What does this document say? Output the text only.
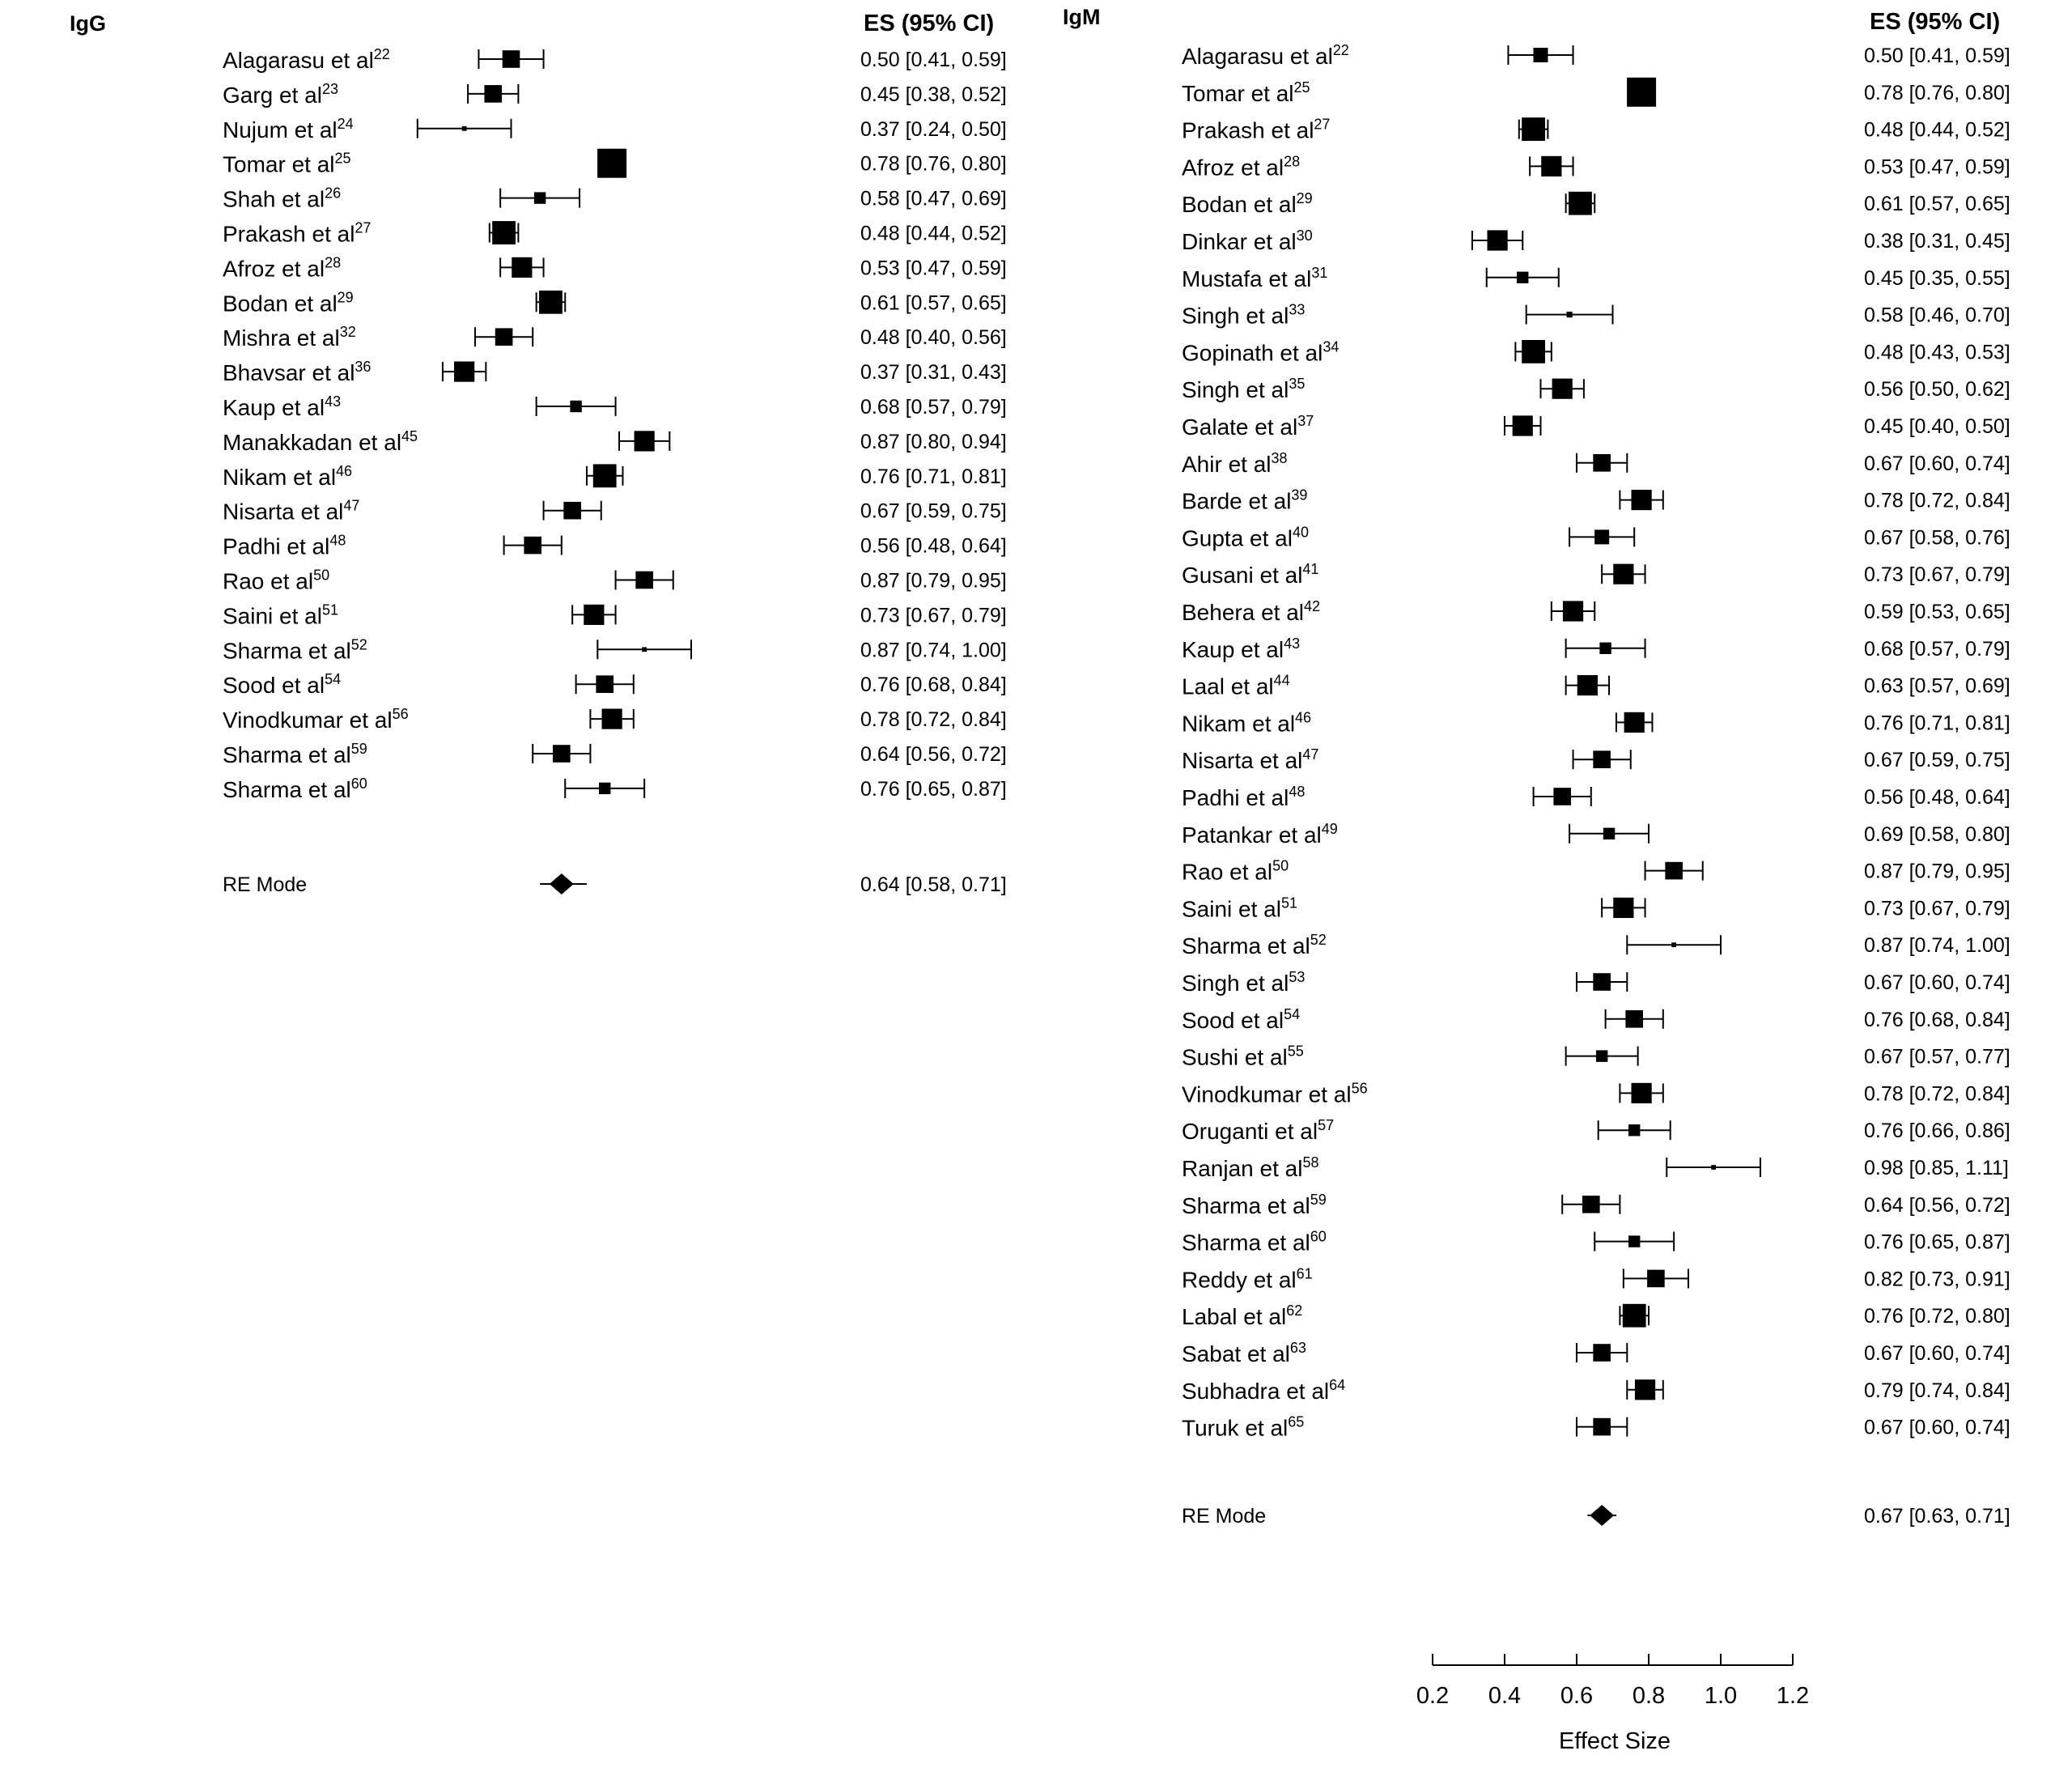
IgG	ES (95% CI)
Alagarasu et $al^{22}$	0.50 [0.41, 0.59]
Garg et $al^{23}$	0.45 [0.38, 0.52]
Nujum et $al^{24}$	0.37 [0.24, 0.50]
Tomar et $al^{25}$	0.78 [0.76, 0.80]
Shah et $al^{26}$	0.58 [0.47, 0.69]
Prakash et $al^{27}$	0.48 [0.44, 0.52]
Afroz et $al^{28}$	0.53 [0.47, 0.59]
Bodan et $al^{29}$	0.61 [0.57, 0.65]
Mishra et $al^{32}$	0.48 [0.40, 0.56]
Bhavsar et $al^{36}$	0.37 [0.31, 0.43]
Kaup et $al^{43}$	0.68 [0.57, 0.79]
Manakkadan et $al^{45}$	0.87 [0.80, 0.94]
Nikam et $al^{46}$	0.76 [0.71, 0.81]
Nisarta et $al^{47}$	0.67 [0.59, 0.75]
Padhi et $al^{48}$	0.56 [0.48, 0.64]
Rao et $al^{50}$	0.87 [0.79, 0.95]
Saini et $al^{51}$	0.73 [0.67, 0.79]
Sharma et $al^{52}$	0.87 [0.74, 1.00]
Sood et $al^{54}$	0.76 [0.68, 0.84]
Vinodkumar et $al^{56}$	0.78 [0.72, 0.84]
Sharma et $al^{59}$	0.64 [0.56, 0.72]
Sharma et $al^{60}$	0.76 [0.65, 0.87]
RE Mode	0.64 [0.58, 0.71]
IgM	ES (95% CI)
Alagarasu et $al^{22}$	0.50 [0.41, 0.59]
Tomar et $al^{25}$	0.78 [0.76, 0.80]
Prakash et $al^{27}$	0.48 [0.44, 0.52]
Afroz et $al^{28}$	0.53 [0.47, 0.59]
Bodan et $al^{29}$	0.61 [0.57, 0.65]
Dinkar et $al^{30}$	0.38 [0.31, 0.45]
Mustafa et $al^{31}$	0.45 [0.35, 0.55]
Singh et $al^{33}$	0.58 [0.46, 0.70]
Gopinath et $al^{34}$	0.48 [0.43, 0.53]
Singh et $al^{35}$	0.56 [0.50, 0.62]
Galate et $al^{37}$	0.45 [0.40, 0.50]
Ahir et $al^{38}$	0.67 [0.60, 0.74]
Barde et $al^{39}$	0.78 [0.72, 0.84]
Gupta et $al^{40}$	0.67 [0.58, 0.76]
Gusani et $al^{41}$	0.73 [0.67, 0.79]
Behera et $al^{42}$	0.59 [0.53, 0.65]
Kaup et $al^{43}$	0.68 [0.57, 0.79]
Laal et $al^{44}$	0.63 [0.57, 0.69]
Nikam et $al^{46}$	0.76 [0.71, 0.81]
Nisarta et $al^{47}$	0.67 [0.59, 0.75]
Padhi et $al^{48}$	0.56 [0.48, 0.64]
Patankar et $al^{49}$	0.69 [0.58, 0.80]
Rao et $al^{50}$	0.87 [0.79, 0.95]
Saini et $al^{51}$	0.73 [0.67, 0.79]
Sharma et $al^{52}$	0.87 [0.74, 1.00]
Singh et $al^{53}$	0.67 [0.60, 0.74]
Sood et $al^{54}$	0.76 [0.68, 0.84]
Sushi et $al^{55}$	0.67 [0.57, 0.77]
Vinodkumar et $al^{56}$	0.78 [0.72, 0.84]
Oruganti et $al^{57}$	0.76 [0.66, 0.86]
Ranjan et $al^{58}$	0.98 [0.85, 1.11]
Sharma et $al^{59}$	0.64 [0.56, 0.72]
Sharma et $al^{60}$	0.76 [0.65, 0.87]
Reddy et $al^{61}$	0.82 [0.73, 0.91]
Labal et $al^{62}$	0.76 [0.72, 0.80]
Sabat et $al^{63}$	0.67 [0.60, 0.74]
Subhadra et $al^{64}$	0.79 [0.74, 0.84]
Turuk et $al^{65}$	0.67 [0.60, 0.74]
RE Mode	0.67 [0.63, 0.71]
0.2 0.4 0.6 0.8 1.0 1.2
Effect Size
